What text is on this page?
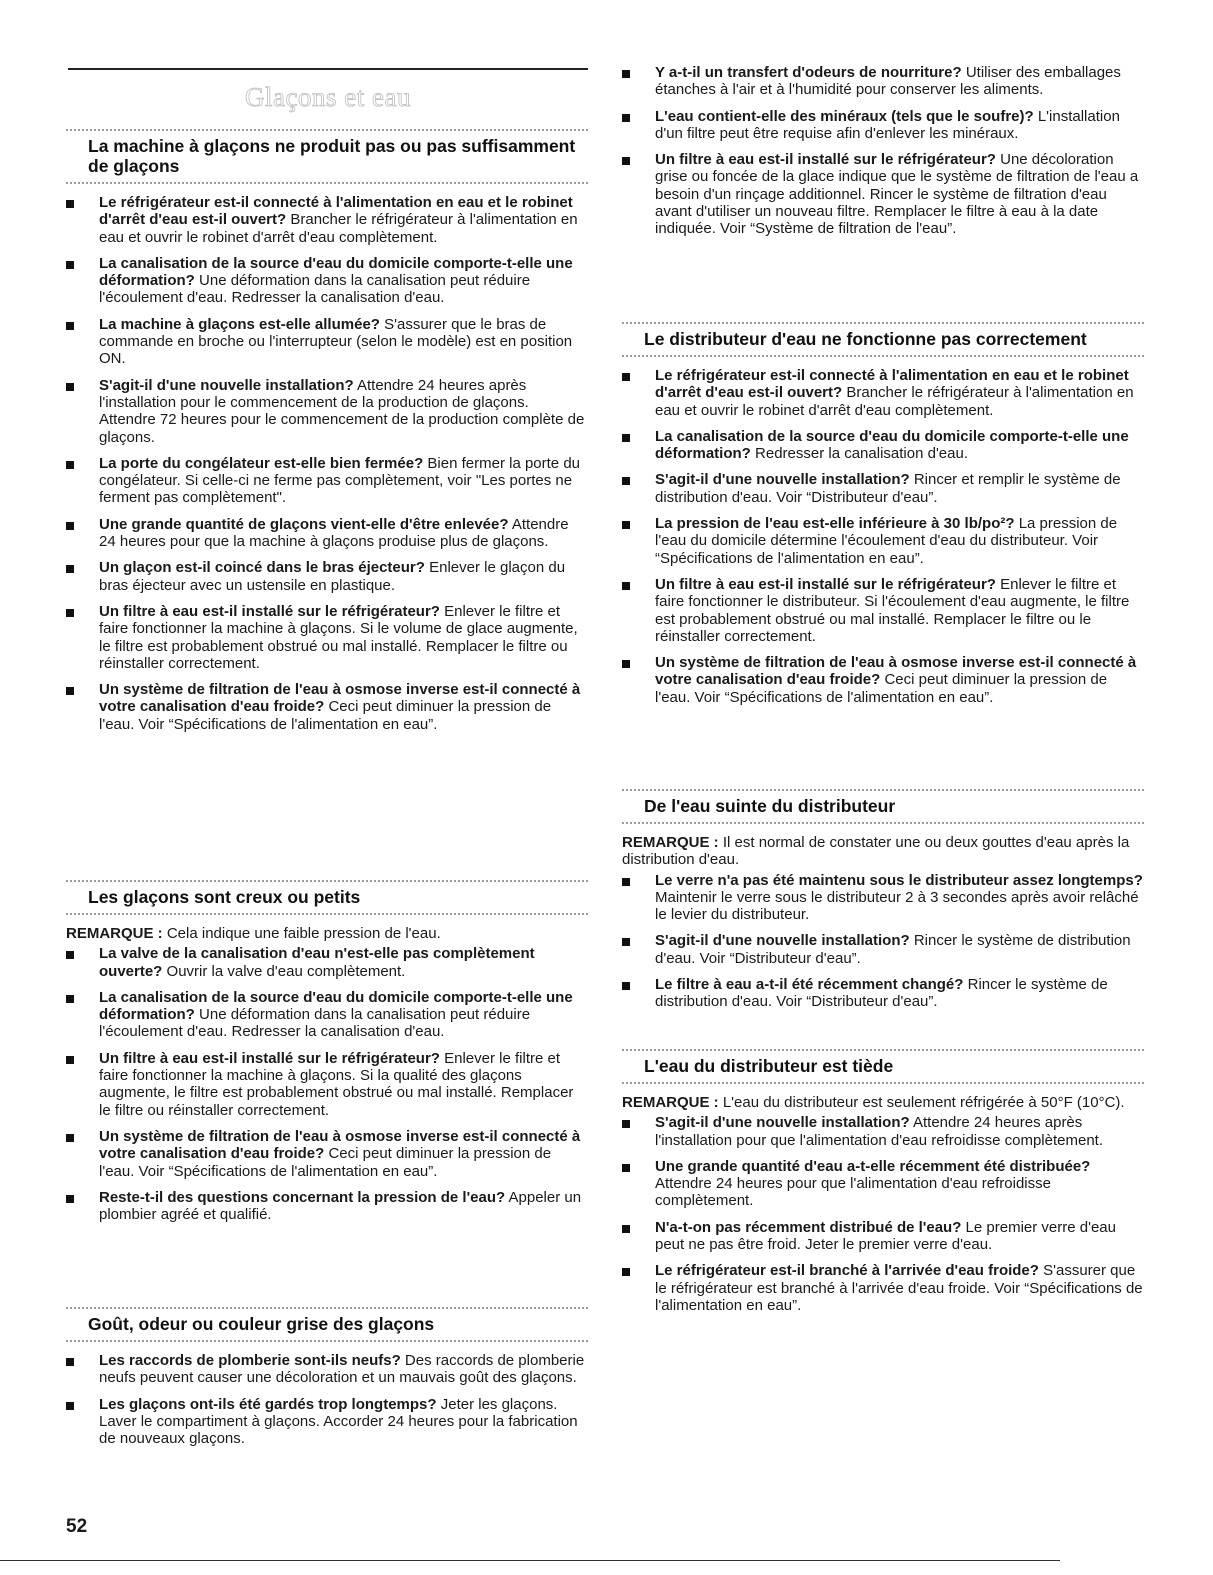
Glaçons et eau
La machine à glaçons ne produit pas ou pas suffisamment de glaçons
Le réfrigérateur est-il connecté à l'alimentation en eau et le robinet d'arrêt d'eau est-il ouvert? Brancher le réfrigérateur à l'alimentation en eau et ouvrir le robinet d'arrêt d'eau complètement.
La canalisation de la source d'eau du domicile comporte-t-elle une déformation? Une déformation dans la canalisation peut réduire l'écoulement d'eau. Redresser la canalisation d'eau.
La machine à glaçons est-elle allumée? S'assurer que le bras de commande en broche ou l'interrupteur (selon le modèle) est en position ON.
S'agit-il d'une nouvelle installation? Attendre 24 heures après l'installation pour le commencement de la production de glaçons. Attendre 72 heures pour le commencement de la production complète de glaçons.
La porte du congélateur est-elle bien fermée? Bien fermer la porte du congélateur. Si celle-ci ne ferme pas complètement, voir "Les portes ne ferment pas complètement".
Une grande quantité de glaçons vient-elle d'être enlevée? Attendre 24 heures pour que la machine à glaçons produise plus de glaçons.
Un glaçon est-il coincé dans le bras éjecteur? Enlever le glaçon du bras éjecteur avec un ustensile en plastique.
Un filtre à eau est-il installé sur le réfrigérateur? Enlever le filtre et faire fonctionner la machine à glaçons. Si le volume de glace augmente, le filtre est probablement obstrué ou mal installé. Remplacer le filtre ou réinstaller correctement.
Un système de filtration de l'eau à osmose inverse est-il connecté à votre canalisation d'eau froide? Ceci peut diminuer la pression de l'eau. Voir “Spécifications de l'alimentation en eau”.
Les glaçons sont creux ou petits

REMARQUE : Cela indique une faible pression de l'eau.

La valve de la canalisation d'eau n'est-elle pas complètement ouverte? Ouvrir la valve d'eau complètement.
La canalisation de la source d'eau du domicile comporte-t-elle une déformation? Une déformation dans la canalisation peut réduire l'écoulement d'eau. Redresser la canalisation d'eau.
Un filtre à eau est-il installé sur le réfrigérateur? Enlever le filtre et faire fonctionner la machine à glaçons. Si la qualité des glaçons augmente, le filtre est probablement obstrué ou mal installé. Remplacer le filtre ou réinstaller correctement.
Un système de filtration de l'eau à osmose inverse est-il connecté à votre canalisation d'eau froide? Ceci peut diminuer la pression de l'eau. Voir “Spécifications de l'alimentation en eau”.
Reste-t-il des questions concernant la pression de l'eau? Appeler un plombier agréé et qualifié.
Goût, odeur ou couleur grise des glaçons
Les raccords de plomberie sont-ils neufs? Des raccords de plomberie neufs peuvent causer une décoloration et un mauvais goût des glaçons.
Les glaçons ont-ils été gardés trop longtemps? Jeter les glaçons. Laver le compartiment à glaçons. Accorder 24 heures pour la fabrication de nouveaux glaçons.
Y a-t-il un transfert d'odeurs de nourriture? Utiliser des emballages étanches à l'air et à l'humidité pour conserver les aliments.
L'eau contient-elle des minéraux (tels que le soufre)? L'installation d'un filtre peut être requise afin d'enlever les minéraux.
Un filtre à eau est-il installé sur le réfrigérateur? Une décoloration grise ou foncée de la glace indique que le système de filtration de l'eau a besoin d'un rinçage additionnel. Rincer le système de filtration d'eau avant d'utiliser un nouveau filtre. Remplacer le filtre à eau à la date indiquée. Voir “Système de filtration de l'eau”.
Le distributeur d'eau ne fonctionne pas correctement
Le réfrigérateur est-il connecté à l'alimentation en eau et le robinet d'arrêt d'eau est-il ouvert? Brancher le réfrigérateur à l'alimentation en eau et ouvrir le robinet d'arrêt d'eau complètement.
La canalisation de la source d'eau du domicile comporte-t-elle une déformation? Redresser la canalisation d'eau.
S'agit-il d'une nouvelle installation? Rincer et remplir le système de distribution d'eau. Voir “Distributeur d'eau”.
La pression de l'eau est-elle inférieure à 30 lb/po²? La pression de l'eau du domicile détermine l'écoulement d'eau du distributeur. Voir “Spécifications de l'alimentation en eau”.
Un filtre à eau est-il installé sur le réfrigérateur? Enlever le filtre et faire fonctionner le distributeur. Si l'écoulement d'eau augmente, le filtre est probablement obstrué ou mal installé. Remplacer le filtre ou le réinstaller correctement.
Un système de filtration de l'eau à osmose inverse est-il connecté à votre canalisation d'eau froide? Ceci peut diminuer la pression de l'eau. Voir “Spécifications de l'alimentation en eau”.
De l'eau suinte du distributeur

REMARQUE : Il est normal de constater une ou deux gouttes d'eau après la distribution d'eau.

Le verre n'a pas été maintenu sous le distributeur assez longtemps? Maintenir le verre sous le distributeur 2 à 3 secondes après avoir relâché le levier du distributeur.
S'agit-il d'une nouvelle installation? Rincer le système de distribution d'eau. Voir “Distributeur d'eau”.
Le filtre à eau a-t-il été récemment changé? Rincer le système de distribution d'eau. Voir “Distributeur d'eau”.
L'eau du distributeur est tiède

REMARQUE : L'eau du distributeur est seulement réfrigérée à 50°F (10°C).

S'agit-il d'une nouvelle installation? Attendre 24 heures après l'installation pour que l'alimentation d'eau refroidisse complètement.
Une grande quantité d'eau a-t-elle récemment été distribuée? Attendre 24 heures pour que l'alimentation d'eau refroidisse complètement.
N'a-t-on pas récemment distribué de l'eau? Le premier verre d'eau peut ne pas être froid. Jeter le premier verre d'eau.
Le réfrigérateur est-il branché à l'arrivée d'eau froide? S'assurer que le réfrigérateur est branché à l'arrivée d'eau froide. Voir “Spécifications de l'alimentation en eau”.
52
